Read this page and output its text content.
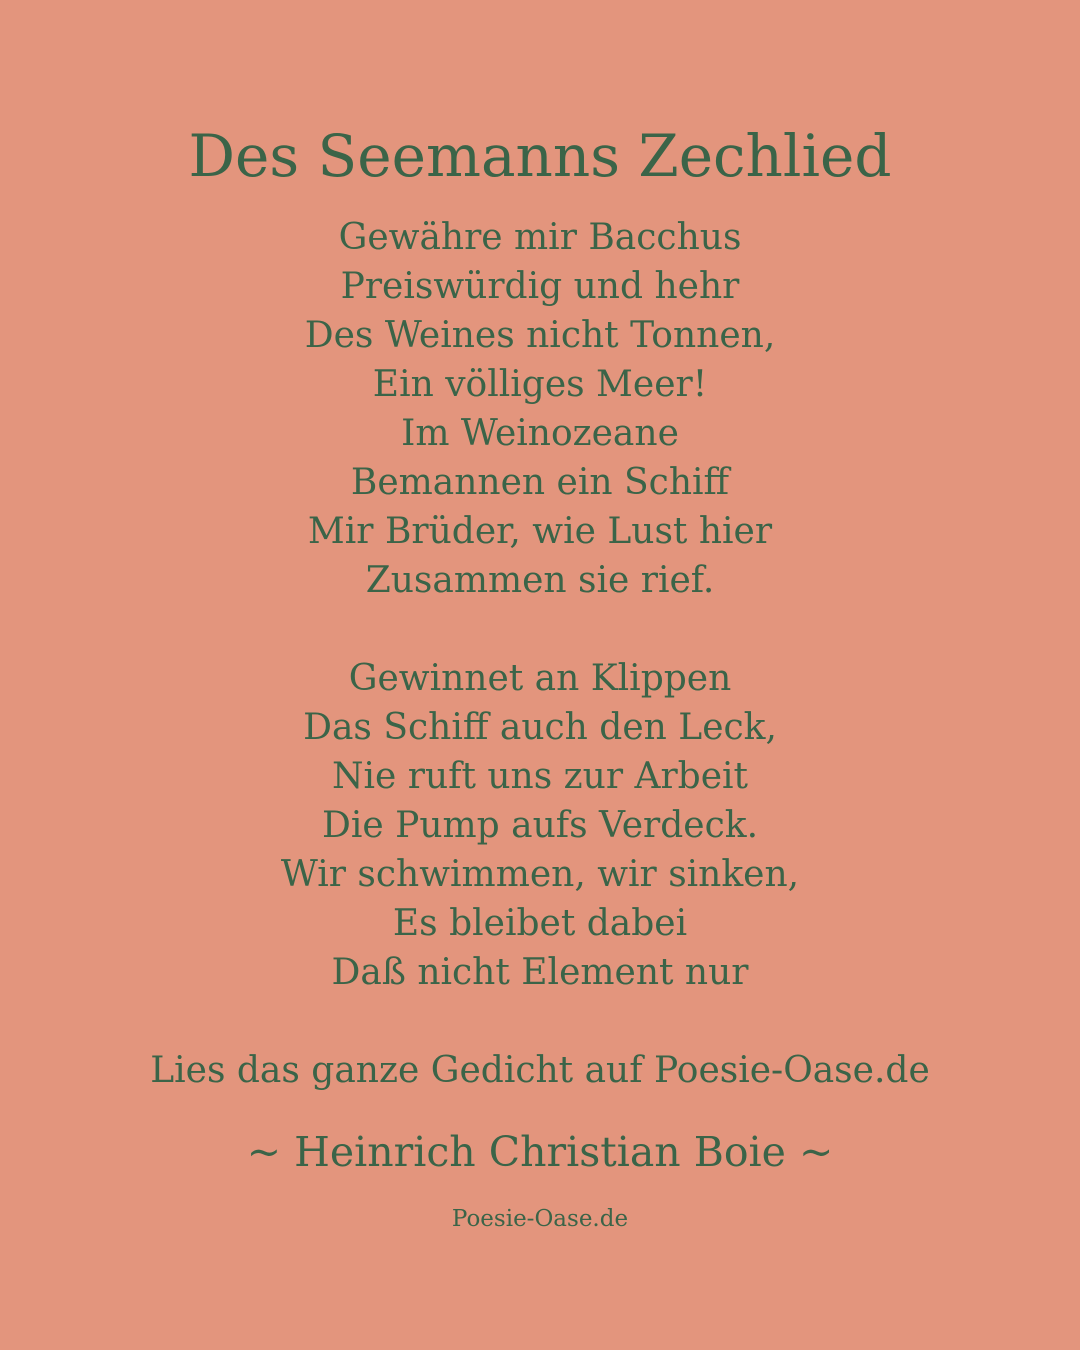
Des Seemanns Zechlied
Gewähre mir Bacchus
Preiswürdig und hehr
Des Weines nicht Tonnen,
Ein völliges Meer!
Im Weinozeane
Bemannen ein Schiff
Mir Brüder, wie Lust hier
Zusammen sie rief.
Gewinnet an Klippen
Das Schiff auch den Leck,
Nie ruft uns zur Arbeit
Die Pump aufs Verdeck.
Wir schwimmen, wir sinken,
Es bleibet dabei
Daß nicht Element nur
Lies das ganze Gedicht auf Poesie-Oase.de
~ Heinrich Christian Boie ~
Poesie-Oase.de
